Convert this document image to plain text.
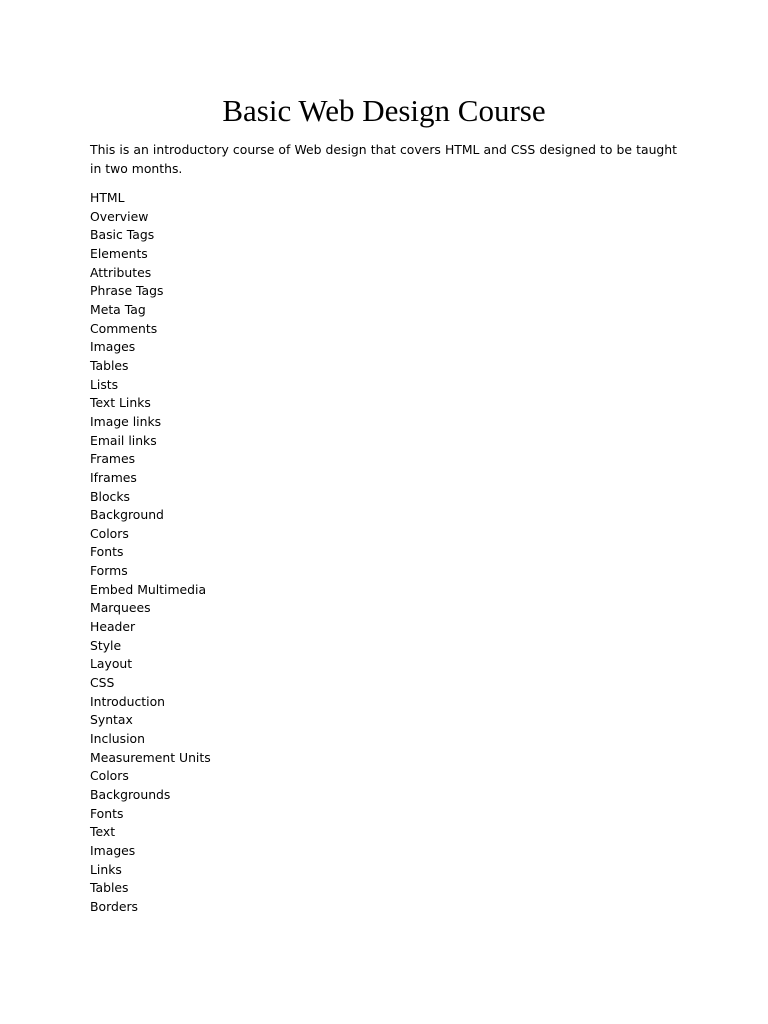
Basic Web Design Course

This is an introductory course of Web design that covers HTML and CSS designed to be taught in two months.

HTML
Overview
Basic Tags
Elements
Attributes
Phrase Tags
Meta Tag
Comments
Images
Tables
Lists
Text Links
Image links
Email links
Frames
Iframes
Blocks
Background
Colors
Fonts
Forms
Embed Multimedia
Marquees
Header
Style
Layout
CSS
Introduction
Syntax
Inclusion
Measurement Units
Colors
Backgrounds
Fonts
Text
Images
Links
Tables
Borders
